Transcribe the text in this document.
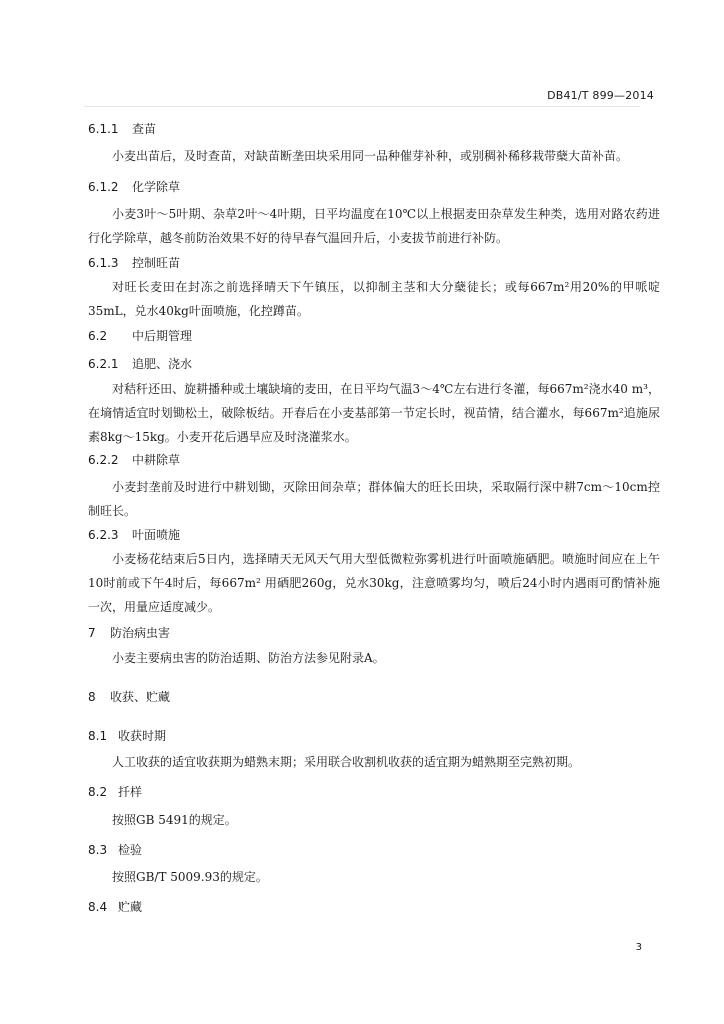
DB41/T 899—2014
6.1.1 查苗
小麦出苗后，及时查苗，对缺苗断垄田块采用同一品种催芽补种，或别稠补稀移栽带蘖大苗补苗。
6.1.2 化学除草
小麦3叶～5叶期、杂草2叶～4叶期，日平均温度在10℃以上根据麦田杂草发生种类，选用对路农药进行化学除草，越冬前防治效果不好的待早春气温回升后，小麦拔节前进行补防。
6.1.3 控制旺苗
对旺长麦田在封冻之前选择晴天下午镇压，以抑制主茎和大分蘖徒长；或每667m²用20%的甲哌啶35mL，兑水40kg叶面喷施，化控蹲苗。
6.2 中后期管理
6.2.1 追肥、浇水
对秸秆还田、旋耕播种或土壤缺墒的麦田，在日平均气温3～4℃左右进行冬灌，每667m²浇水40 m³，在墒情适宜时划锄松土，破除板结。开春后在小麦基部第一节定长时，视苗情，结合灌水，每667m²追施尿素8kg～15kg。小麦开花后遇旱应及时浇灌浆水。
6.2.2 中耕除草
小麦封垄前及时进行中耕划锄，灭除田间杂草；群体偏大的旺长田块，采取隔行深中耕7cm～10cm控制旺长。
6.2.3 叶面喷施
小麦杨花结束后5日内，选择晴天无风天气用大型低微粒弥雾机进行叶面喷施硒肥。喷施时间应在上午10时前或下午4时后，每667m² 用硒肥260g，兑水30kg，注意喷雾均匀，喷后24小时内遇雨可酌情补施一次，用量应适度减少。
7 防治病虫害
小麦主要病虫害的防治适期、防治方法参见附录A。
8 收获、贮藏
8.1 收获时期
人工收获的适宜收获期为蜡熟末期；采用联合收割机收获的适宜期为蜡熟期至完熟初期。
8.2 扦样
按照GB 5491的规定。
8.3 检验
按照GB/T 5009.93的规定。
8.4 贮藏
3
